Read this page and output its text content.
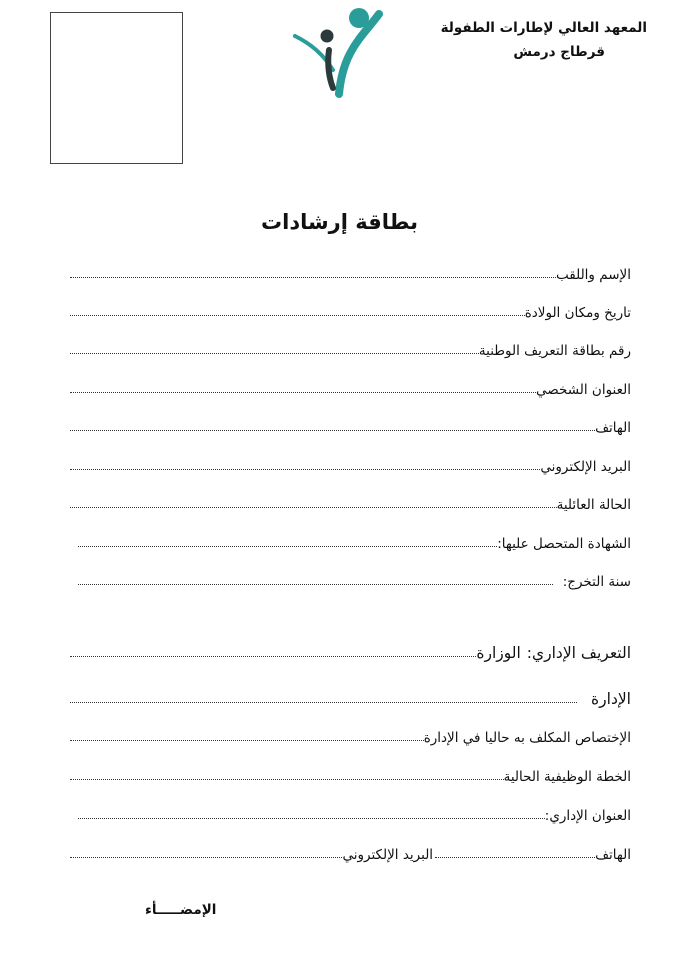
المعهد العالي لإطارات الطفولة
قرطاج درمش
بطاقة إرشادات
الإسم واللقب
تاريخ ومكان الولادة
رقم بطاقة التعريف الوطنية
العنوان الشخصي
الهاتف
البريد الإلكتروني
الحالة العائلية
الشهادة المتحصل عليها:
سنة التخرج:
التعريف الإداري:
الوزارة
الإدارة
الإختصاص المكلف به حاليا في الإدارة
الخطة الوظيفية الحالية
العنوان الإداري:
الهاتف
البريد الإلكتروني
الإمضـــــأء
